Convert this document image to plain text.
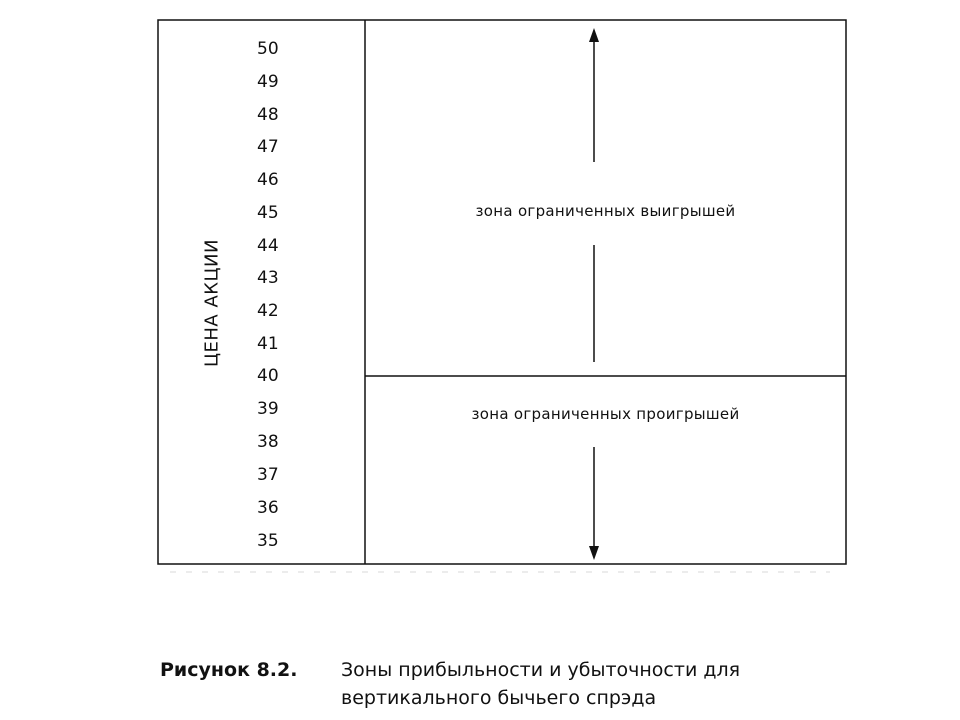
ЦЕНА АКЦИИ
50
49
48
47
46
45
44
43
42
41
40
39
38
37
36
35
зона ограниченных выигрышей
зона ограниченных проигрышей
Рисунок 8.2. Зоны прибыльности и убыточности для
вертикального бычьего спрэда
